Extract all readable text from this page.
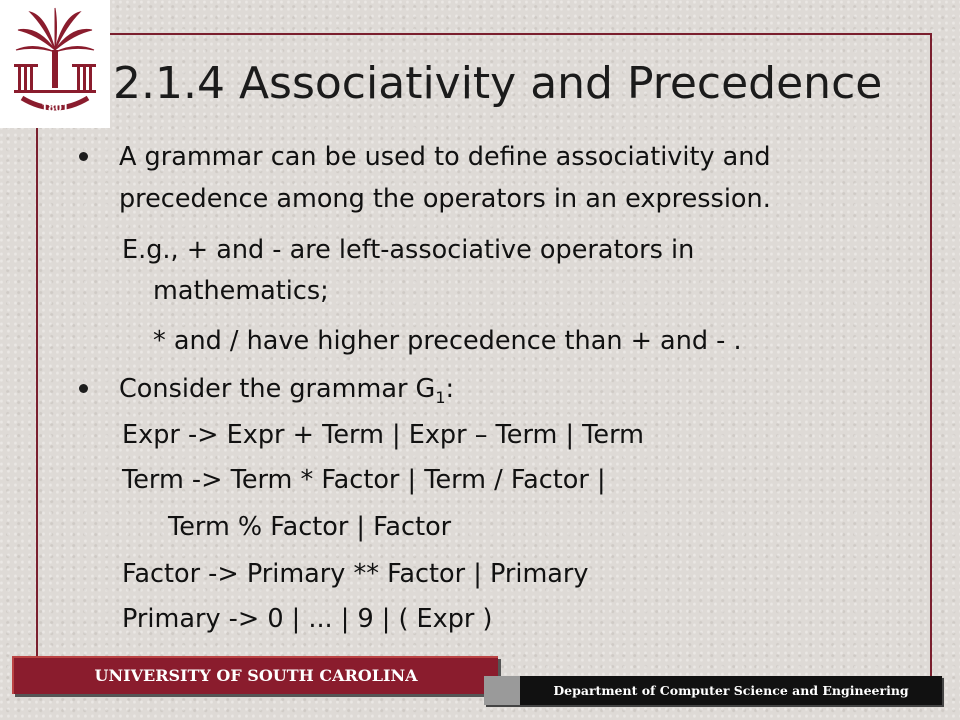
1801 2.1.4 Associativity and Precedence

A grammar can be used to define associativity and

precedence among the operators in an expression.

E.g., + and - are left-associative operators in

mathematics;

* and / have higher precedence than + and - .

Consider the grammar $G_1$:

Expr -> Expr + Term | Expr – Term | Term

Term -> Term * Factor | Term / Factor |

Term % Factor | Factor

Factor -> Primary ** Factor | Primary

Primary -> 0 | ... | 9 | ( Expr )

UNIVERSITY OF SOUTH CAROLINA
Department of Computer Science and Engineering
